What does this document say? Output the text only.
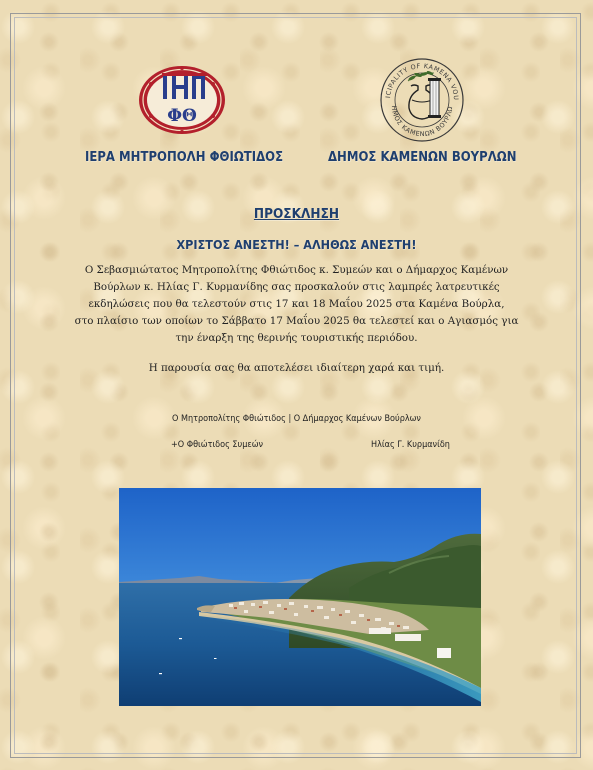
ΦΘ
ICIPALITY OF KAMENA VOU
ΗΜΟΣ ΚΑΜΕΝΩΝ ΒΟΥΡΛΩ
ΙΕΡΑ ΜΗΤΡΟΠΟΛΗ ΦΘΙΩΤΙΔΟΣ	ΔΗΜΟΣ ΚΑΜΕΝΩΝ ΒΟΥΡΛΩΝ
ΠΡΟΣΚΛΗΣΗ
ΧΡΙΣΤΟΣ ΑΝΕΣΤΗ! – ΑΛΗΘΩΣ ΑΝΕΣΤΗ!
Ο Σεβασμιώτατος Μητροπολίτης Φθιώτιδος κ. Συμεών και ο Δήμαρχος Καμένων
Βούρλων κ. Ηλίας Γ. Κυρμανίδης σας προσκαλούν στις λαμπρές λατρευτικές
εκδηλώσεις που θα τελεστούν στις 17 και 18 Μαΐου 2025 στα Καμένα Βούρλα,
στο πλαίσιο των οποίων το Σάββατο 17 Μαΐου 2025 θα τελεστεί και ο Αγιασμός για
την έναρξη της θερινής τουριστικής περιόδου.
Η παρουσία σας θα αποτελέσει ιδιαίτερη χαρά και τιμή.
Ο Μητροπολίτης Φθιώτιδος | Ο Δήμαρχος Καμένων Βούρλων
+Ο Φθιώτιδος Συμεών	Ηλίας Γ. Κυρμανίδη
